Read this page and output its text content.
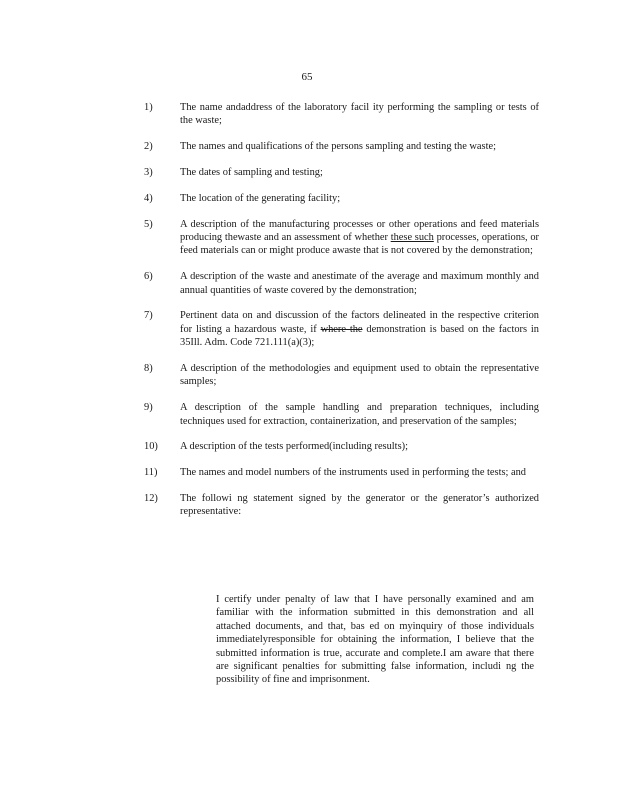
65
1)	The name andaddress of the laboratory facil ity performing the sampling or tests of the waste;
2)	The names and qualifications of the persons sampling and testing the waste;
3)	The dates of sampling and testing;
4)	The location of the generating facility;
5)	A description of the manufacturing processes or other operations and feed materials producing thewaste and an assessment of whether these such processes, operations, or feed materials can or might produce awaste that is not covered by the demonstration;
6)	A description of the waste and anestimate of the average and maximum monthly and annual quantities of waste covered by the demonstration;
7)	Pertinent data on and discussion of the factors delineated in the respective criterion for listing a hazardous waste, if where the demonstration is based on the factors in 35Ill. Adm. Code 721.111(a)(3);
8)	A description of the methodologies and equipment used to obtain the representative samples;
9)	A description of the sample handling and preparation techniques, including techniques used for extraction, containerization, and preservation of the samples;
10)	A description of the tests performed(including results);
11)	The names and model numbers of the instruments used in performing the tests; and
12)	The followi ng statement signed by the generator or the generator’s authorized representative:
I certify under penalty of law that I have personally examined and am familiar with the information submitted in this demonstration and all attached documents, and that, bas ed on myinquiry of those individuals immediatelyresponsible for obtaining the information, I believe that the submitted information is true, accurate and complete.I am aware that there are significant penalties for submitting false information, includi ng the possibility of fine and imprisonment.
